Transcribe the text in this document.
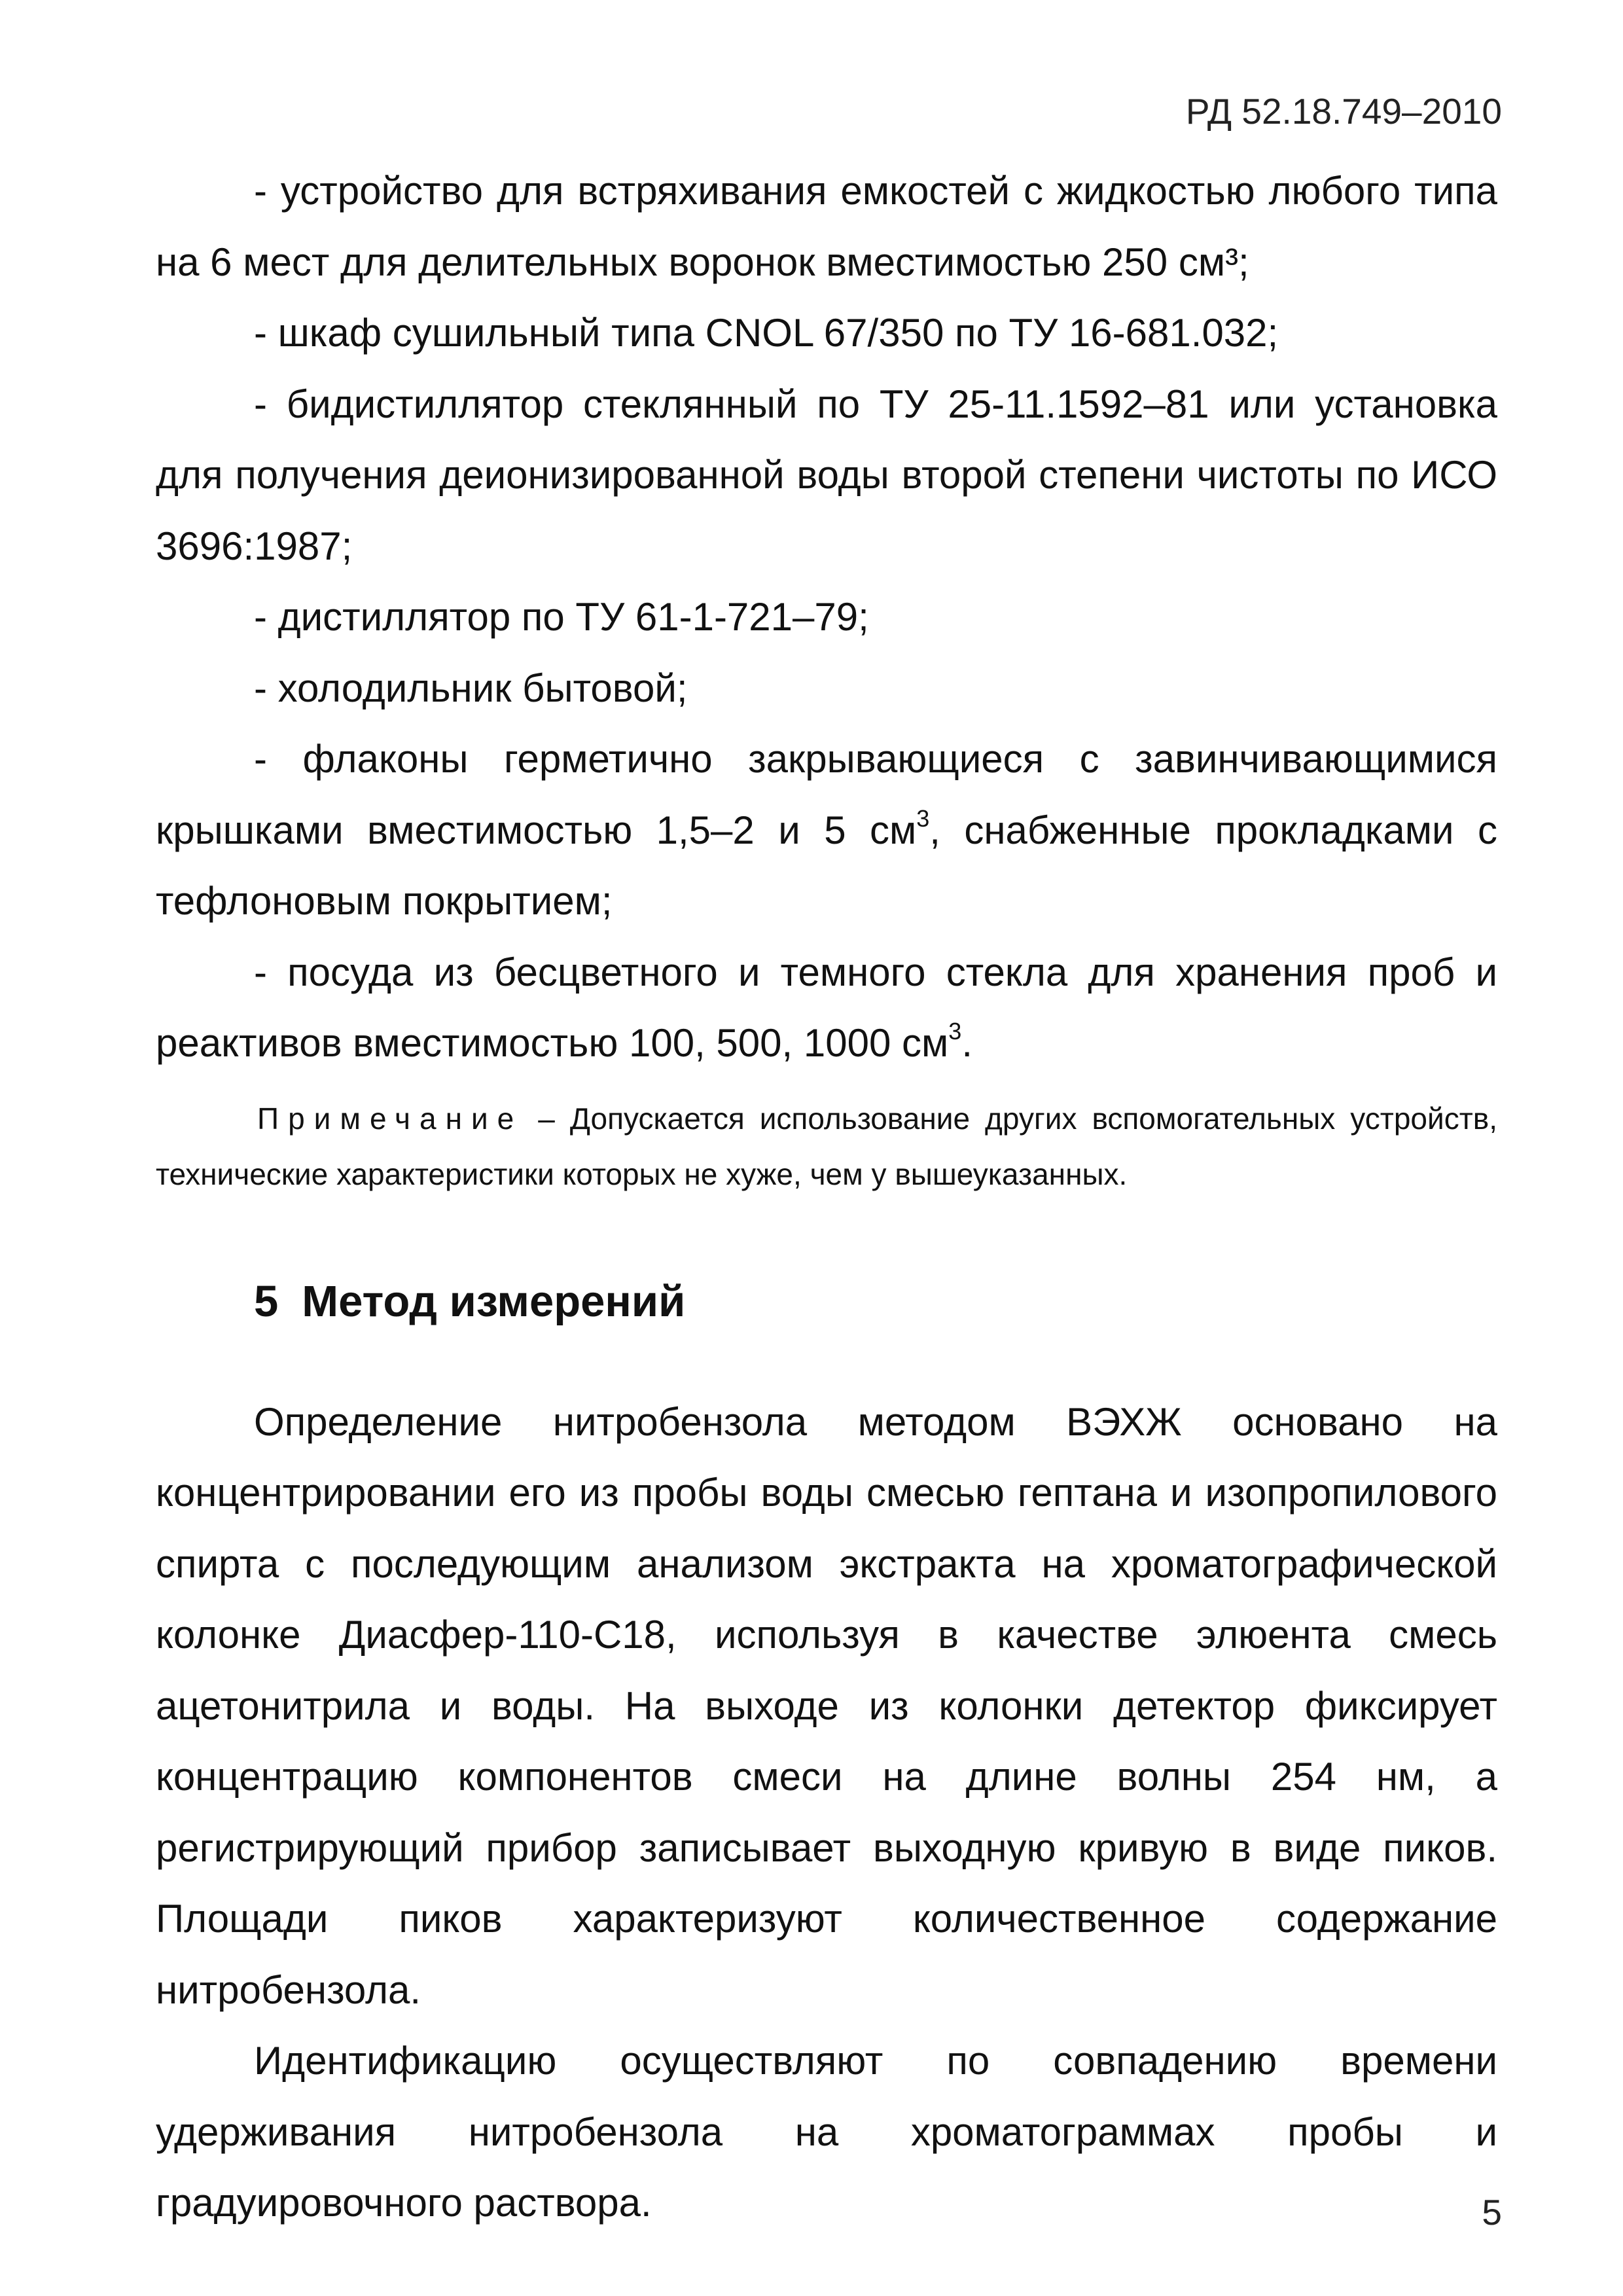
РД 52.18.749–2010

- устройство для встряхивания емкостей с жидкостью любого типа на 6 мест для делительных воронок вместимостью 250 см³;

- шкаф сушильный типа CNOL 67/350 по ТУ 16-681.032;

- бидистиллятор стеклянный по ТУ 25-11.1592–81 или установка для получения деионизированной воды второй степени чистоты по ИСО 3696:1987;

- дистиллятор по ТУ 61-1-721–79;

- холодильник бытовой;

- флаконы герметично закрывающиеся с завинчивающимися крышками вместимостью 1,5–2 и 5 $см^3$, снабженные прокладками с тефлоновым покрытием;

- посуда из бесцветного и темного стекла для хранения проб и реактивов вместимостью 100, 500, 1000 $см^3$.

Примечание – Допускается использование других вспомогательных устройств, технические характеристики которых не хуже, чем у вышеуказанных.

5 Метод измерений

Определение нитробензола методом ВЭХЖ основано на концентрировании его из пробы воды смесью гептана и изопропилового спирта с последующим анализом экстракта на хроматографической колонке Диасфер-110-С18, используя в качестве элюента смесь ацетонитрила и воды. На выходе из колонки детектор фиксирует концентрацию компонентов смеси на длине волны 254 нм, а регистрирующий прибор записывает выходную кривую в виде пиков. Площади пиков характеризуют количественное содержание нитробензола.

Идентификацию осуществляют по совпадению времени удерживания нитробензола на хроматограммах пробы и градуировочного раствора.	5
